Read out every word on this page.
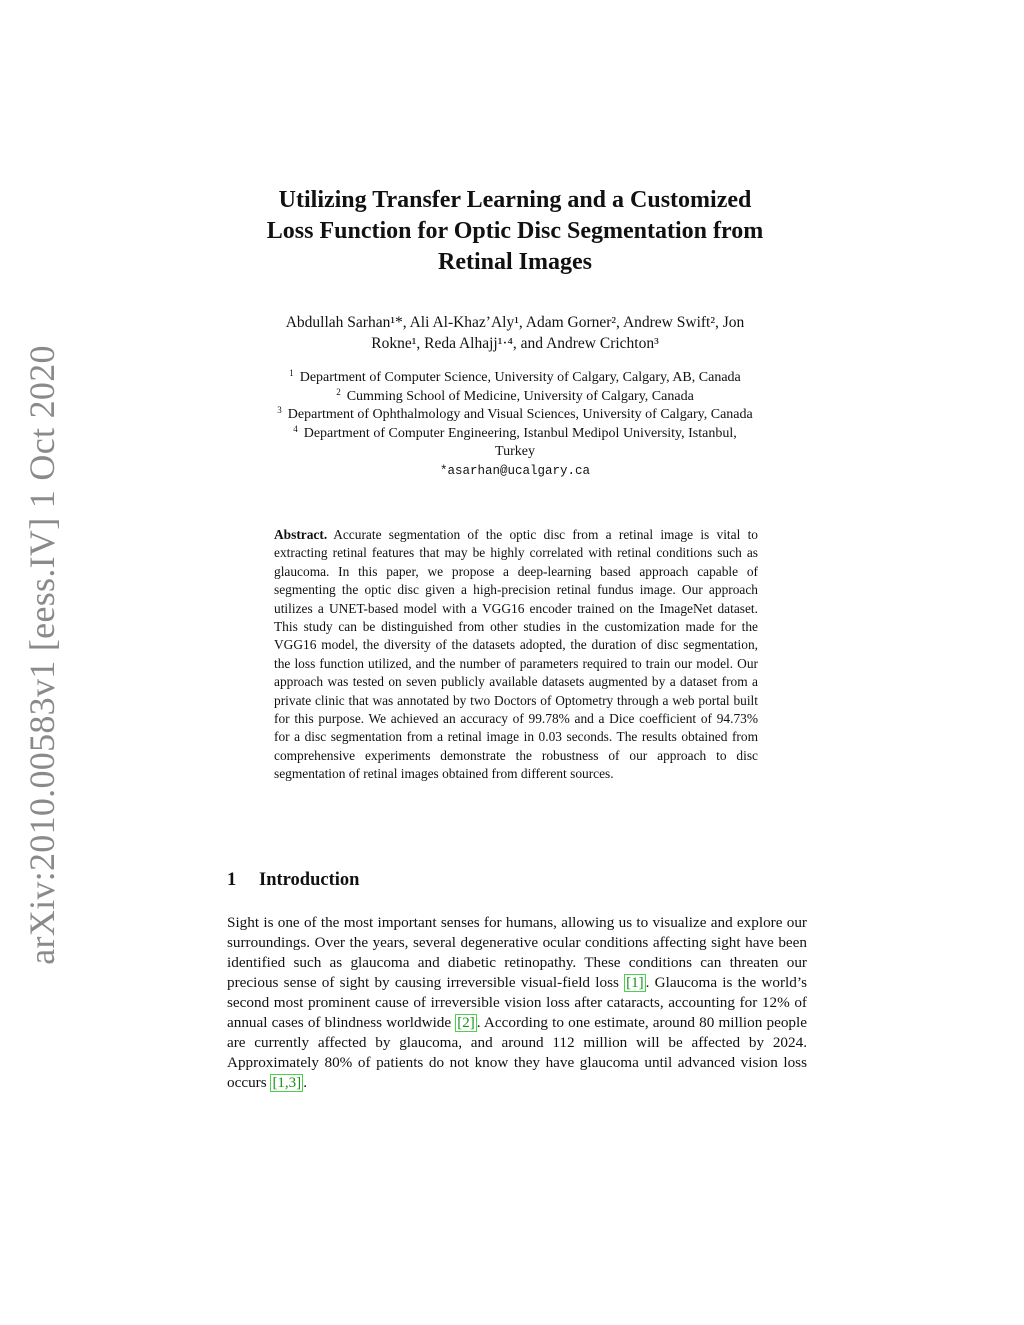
arXiv:2010.00583v1 [eess.IV] 1 Oct 2020
Utilizing Transfer Learning and a Customized
Loss Function for Optic Disc Segmentation from
Retinal Images
Abdullah Sarhan¹*, Ali Al-Khaz’Aly¹, Adam Gorner², Andrew Swift², Jon
Rokne¹, Reda Alhajj¹·⁴, and Andrew Crichton³
$^1$ Department of Computer Science, University of Calgary, Calgary, AB, Canada
$^2$ Cumming School of Medicine, University of Calgary, Canada
$^3$ Department of Ophthalmology and Visual Sciences, University of Calgary, Canada
$^4$ Department of Computer Engineering, Istanbul Medipol University, Istanbul,
Turkey
*asarhan@ucalgary.ca
Abstract. Accurate segmentation of the optic disc from a retinal image is vital to extracting retinal features that may be highly correlated with retinal conditions such as glaucoma. In this paper, we propose a deep-learning based approach capable of segmenting the optic disc given a high-precision retinal fundus image. Our approach utilizes a UNET-based model with a VGG16 encoder trained on the ImageNet dataset. This study can be distinguished from other studies in the customization made for the VGG16 model, the diversity of the datasets adopted, the duration of disc segmentation, the loss function utilized, and the number of parameters required to train our model. Our approach was tested on seven publicly available datasets augmented by a dataset from a private clinic that was annotated by two Doctors of Optometry through a web portal built for this purpose. We achieved an accuracy of 99.78% and a Dice coefficient of 94.73% for a disc segmentation from a retinal image in 0.03 seconds. The results obtained from comprehensive experiments demonstrate the robustness of our approach to disc segmentation of retinal images obtained from different sources.
1 Introduction
Sight is one of the most important senses for humans, allowing us to visualize and explore our surroundings. Over the years, several degenerative ocular conditions affecting sight have been identified such as glaucoma and diabetic retinopathy. These conditions can threaten our precious sense of sight by causing irreversible visual-field loss [1] . Glaucoma is the world’s second most prominent cause of irreversible vision loss after cataracts, accounting for 12% of annual cases of blindness worldwide [2] . According to one estimate, around 80 million people are currently affected by glaucoma, and around 112 million will be affected by 2024. Approximately 80% of patients do not know they have glaucoma until advanced vision loss occurs [1,3] .
